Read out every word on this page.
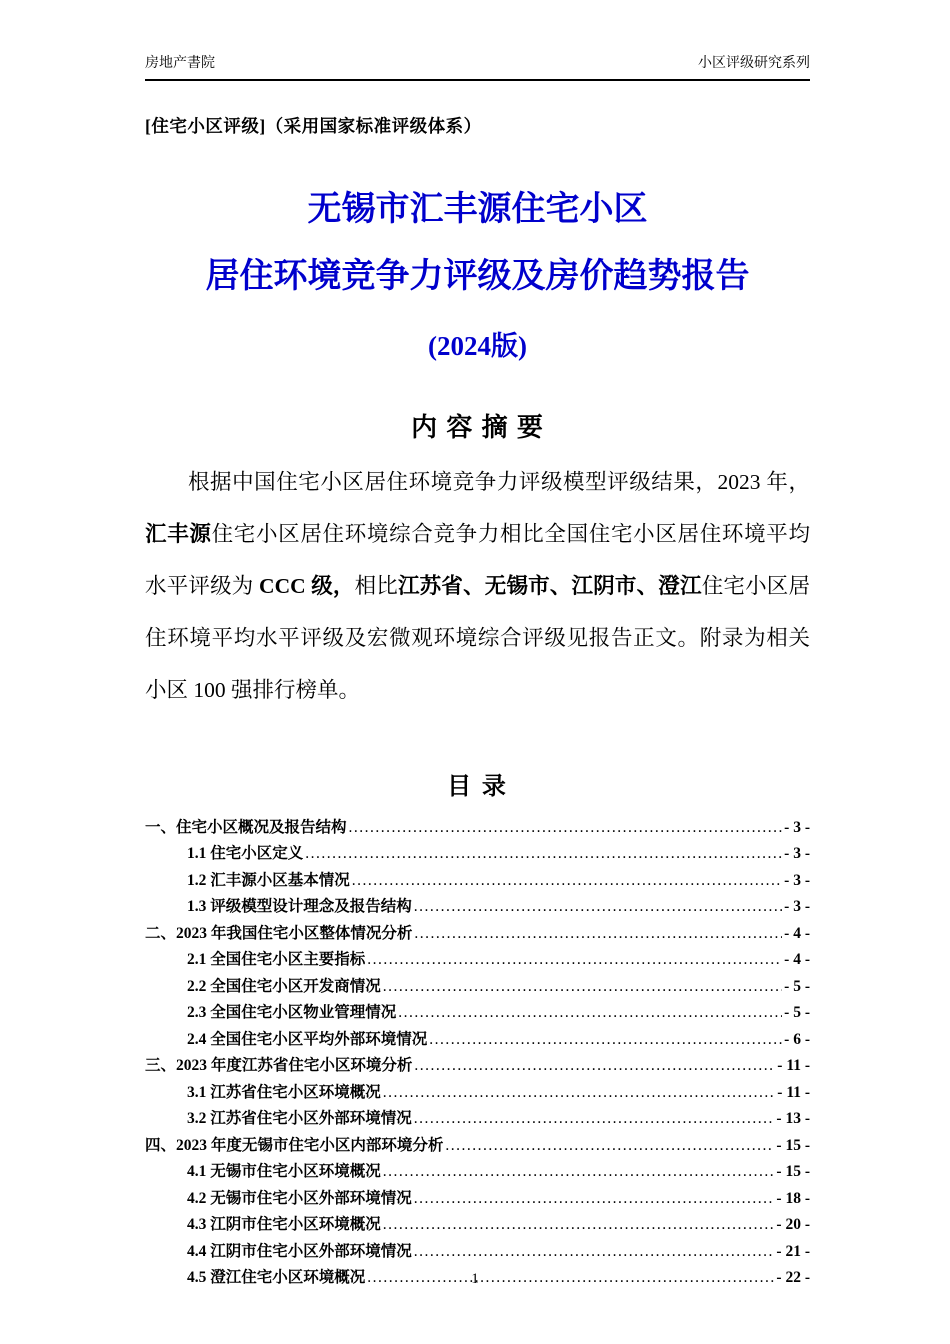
房地产書院	小区评级研究系列
[住宅小区评级]（采用国家标准评级体系）
无锡市汇丰源住宅小区
居住环境竞争力评级及房价趋势报告
(2024版)
内 容 摘 要

根据中国住宅小区居住环境竞争力评级模型评级结果，2023 年，汇丰源住宅小区居住环境综合竞争力相比全国住宅小区居住环境平均水平评级为 CCC 级，相比江苏省、无锡市、江阴市、澄江住宅小区居住环境平均水平评级及宏微观环境综合评级见报告正文。附录为相关小区 100 强排行榜单。

目 录
一、住宅小区概况及报告结构 .....	- 3 -
1.1 住宅小区定义 .....	- 3 -
1.2 汇丰源小区基本情况 .....	- 3 -
1.3 评级模型设计理念及报告结构 .....	- 3 -
二、2023 年我国住宅小区整体情况分析 .....	- 4 -
2.1 全国住宅小区主要指标 .....	- 4 -
2.2 全国住宅小区开发商情况 .....	- 5 -
2.3 全国住宅小区物业管理情况 .....	- 5 -
2.4 全国住宅小区平均外部环境情况 .....	- 6 -
三、2023 年度江苏省住宅小区环境分析 .....	- 11 -
3.1 江苏省住宅小区环境概况 .....	- 11 -
3.2 江苏省住宅小区外部环境情况 .....	- 13 -
四、2023 年度无锡市住宅小区内部环境分析 .....	- 15 -
4.1 无锡市住宅小区环境概况 .....	- 15 -
4.2 无锡市住宅小区外部环境情况 .....	- 18 -
4.3 江阴市住宅小区环境概况 .....	- 20 -
4.4 江阴市住宅小区外部环境情况 .....	- 21 -
4.5 澄江住宅小区环境概况 .....	- 22 -
1
